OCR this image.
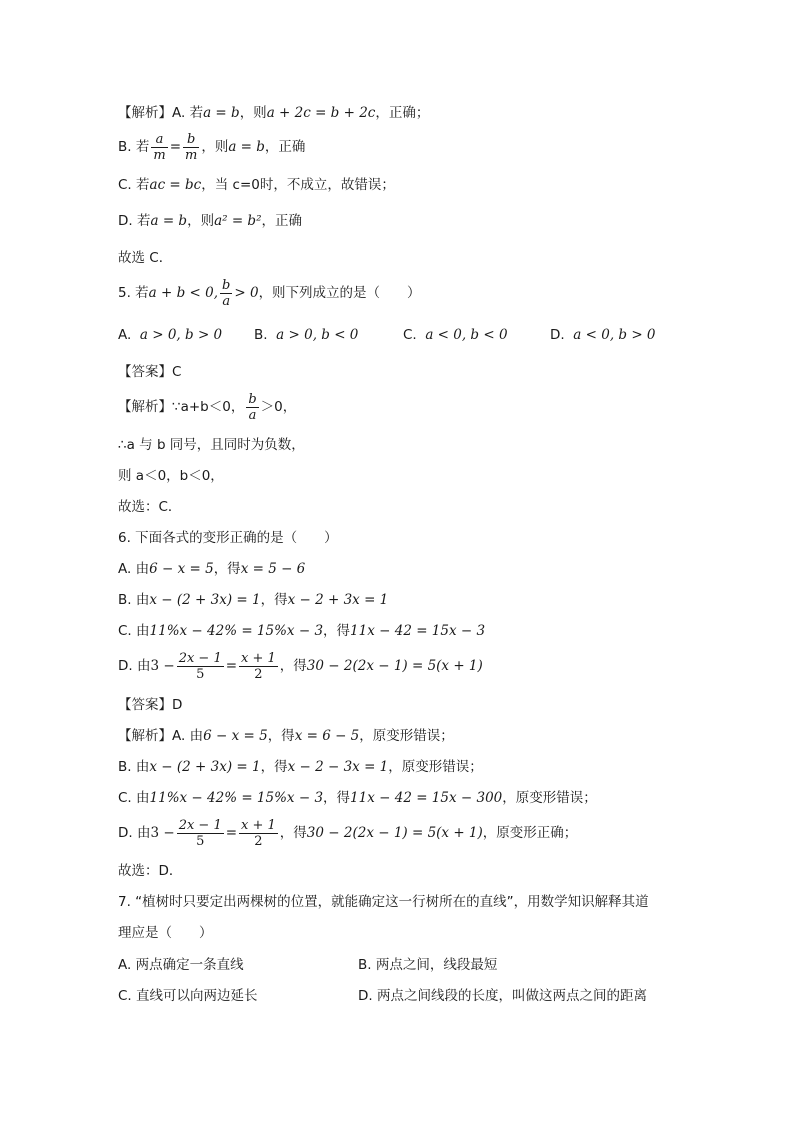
【解析】A. 若a = b，则a + 2c = b + 2c，正确；
B. 若 $\frac{a}{m} = \frac{b}{m}$ ，则a = b，正确
C. 若ac = bc，当 c=0时，不成立，故错误；
D. 若a = b，则a² = b²，正确
故选 C．
5. 若a + b < 0, $\frac{b}{a} > 0$，则下列成立的是（　　）
A. a > 0, b > 0 B. a > 0, b < 0	C. a < 0, b < 0	D. a < 0, b > 0
【答案】C
【解析】∵a+b＜0， $\frac{b}{a} >0$，
∴a 与 b 同号，且同时为负数，
则 a＜0，b＜0，
故选：C．
6. 下面各式的变形正确的是（　　）
A. 由6 − x = 5，得x = 5 − 6
B. 由x − (2 + 3x) = 1，得x − 2 + 3x = 1
C. 由11%x − 42% = 15%x − 3，得11x − 42 = 15x − 3
D. 由$3 - \frac{2x - 1}{5} = \frac{x + 1}{2}$ ，得30 − 2(2x − 1) = 5(x + 1)
【答案】D
【解析】A. 由6 − x = 5，得x = 6 − 5，原变形错误；
B. 由x − (2 + 3x) = 1，得x − 2 − 3x = 1，原变形错误；
C. 由11%x − 42% = 15%x − 3，得11x − 42 = 15x − 300，原变形错误；
D. 由$3 - \frac{2x - 1}{5} = \frac{x + 1}{2}$ ，得30 − 2(2x − 1) = 5(x + 1)，原变形正确；
故选：D．
7. “植树时只要定出两棵树的位置，就能确定这一行树所在的直线”，用数学知识解释其道
理应是（　　）
A. 两点确定一条直线	B. 两点之间，线段最短
C. 直线可以向两边延长	D. 两点之间线段的长度，叫做这两点之间的距离
